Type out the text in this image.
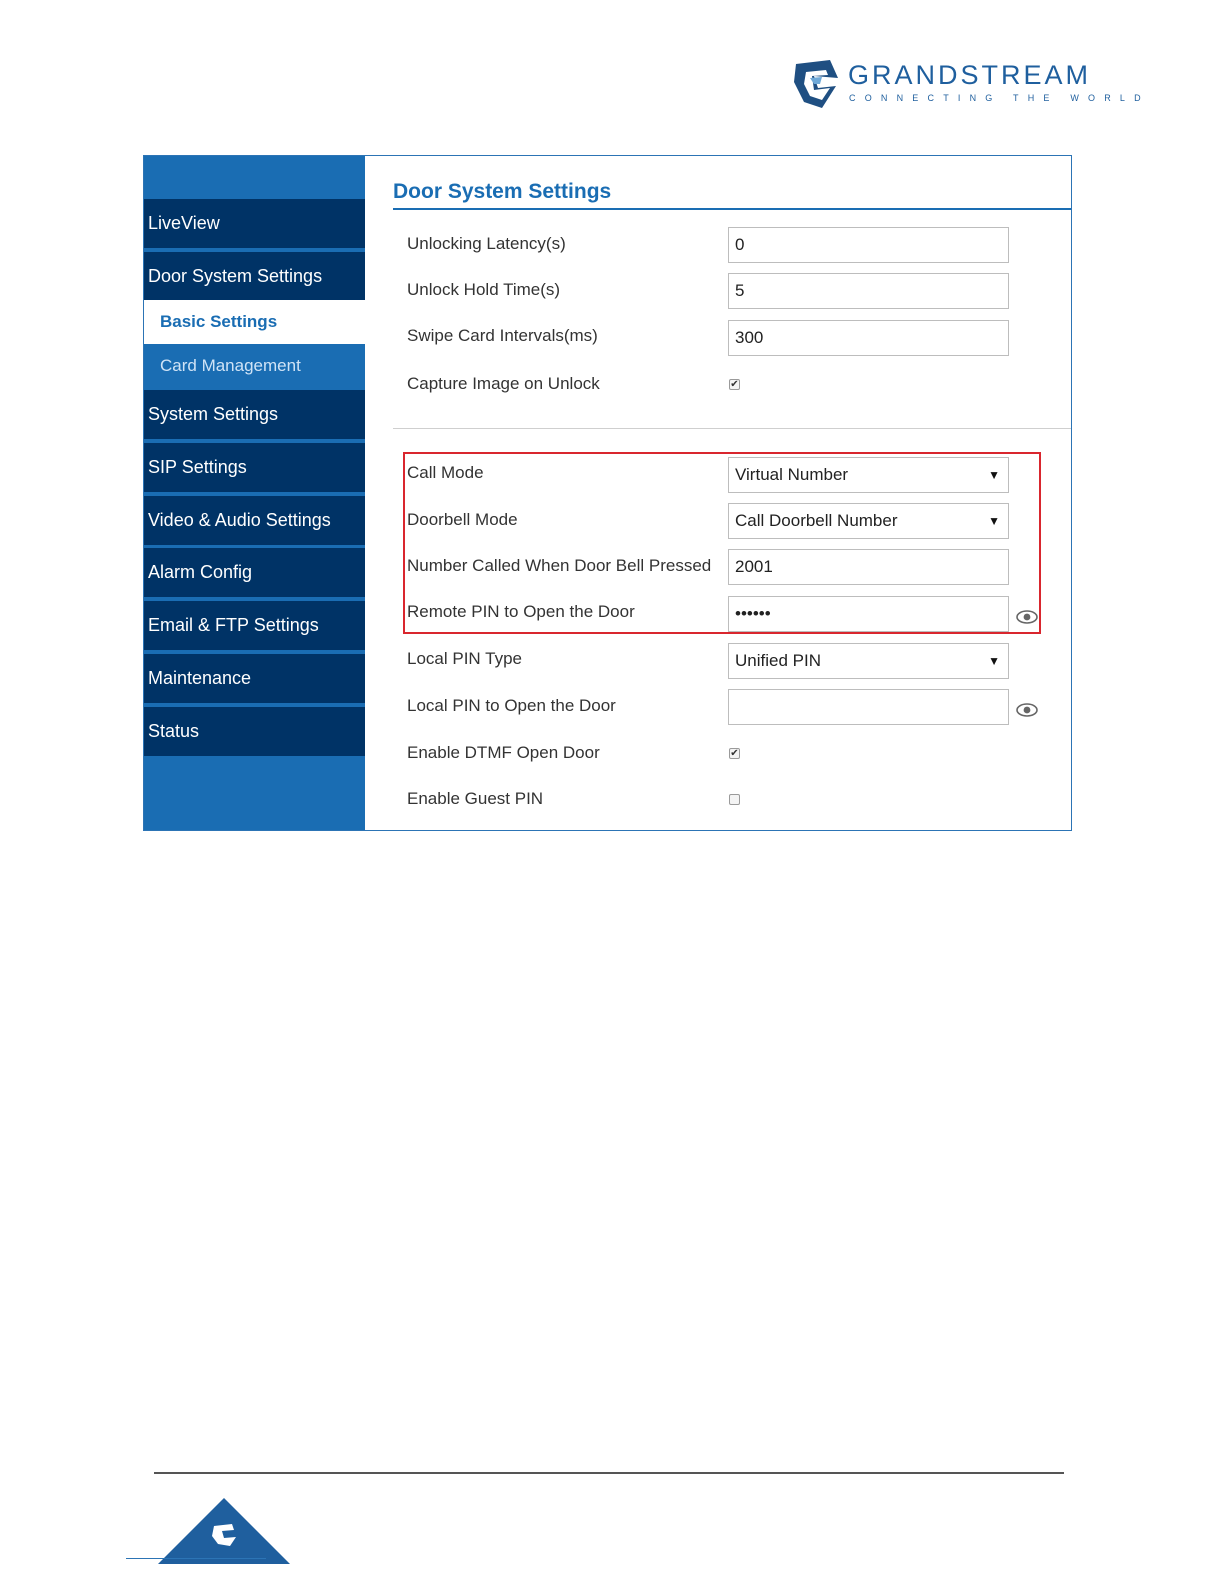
GRANDSTREAM
CONNECTING THE WORLD
LiveView
Door System Settings
Basic Settings
Card Management
System Settings
SIP Settings
Video & Audio Settings
Alarm Config
Email & FTP Settings
Maintenance
Status
Door System Settings
Unlocking Latency(s)	0
Unlock Hold Time(s)	5
Swipe Card Intervals(ms)	300
Capture Image on Unlock	✔
Call Mode	Virtual Number	▼
Doorbell Mode	Call Doorbell Number	▼
Number Called When Door Bell Pressed	2001
Remote PIN to Open the Door	••••••
Local PIN Type	Unified PIN	▼
Local PIN to Open the Door
Enable DTMF Open Door	✔
Enable Guest PIN
